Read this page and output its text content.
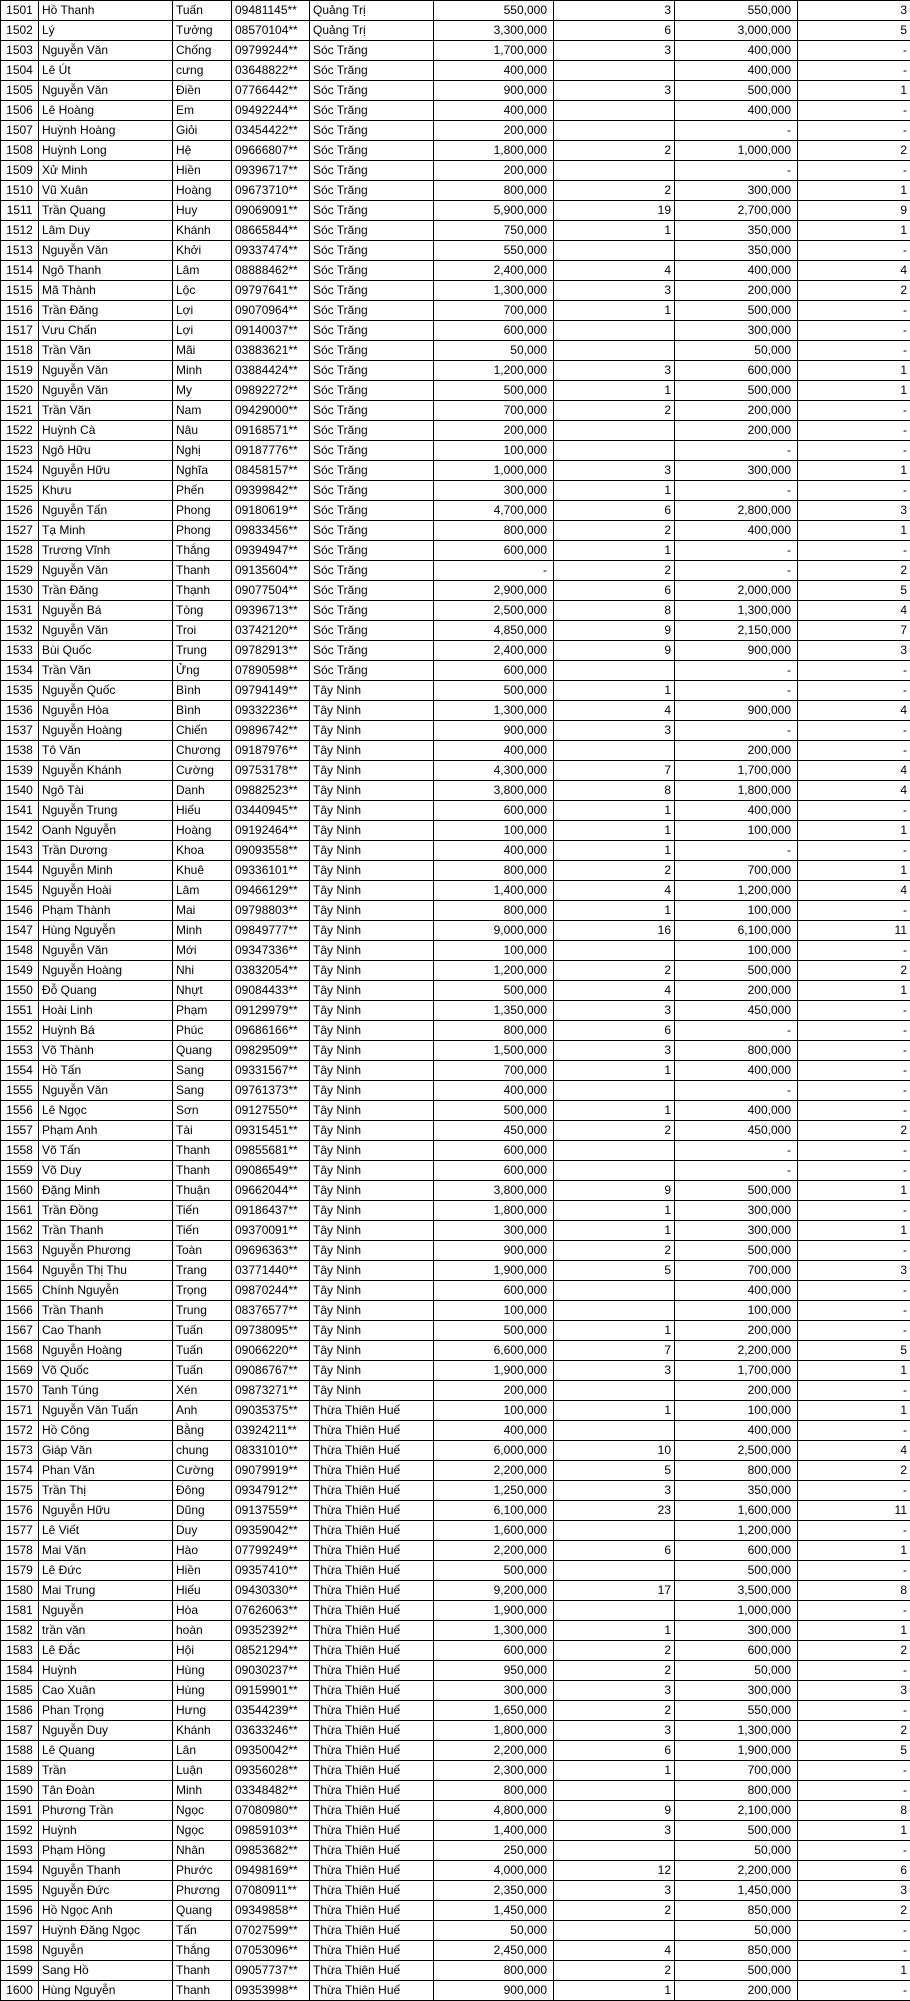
1501	Hồ Thanh	Tuấn	09481145**	Quảng Trị	550,000	3	550,000	3
1502	Lý	Tưởng	08570104**	Quảng Trị	3,300,000	6	3,000,000	5
1503	Nguyễn Văn	Chống	09799244**	Sóc Trăng	1,700,000	3	400,000	-
1504	Lê Út	cưng	03648822**	Sóc Trăng	400,000		400,000	-
1505	Nguyễn Văn	Điền	07766442**	Sóc Trăng	900,000	3	500,000	1
1506	Lê Hoàng	Em	09492244**	Sóc Trăng	400,000		400,000	-
1507	Huỳnh Hoàng	Giỏi	03454422**	Sóc Trăng	200,000		-	-
1508	Huỳnh Long	Hệ	09666807**	Sóc Trăng	1,800,000	2	1,000,000	2
1509	Xử Minh	Hiền	09396717**	Sóc Trăng	200,000		-	-
1510	Vũ Xuân	Hoàng	09673710**	Sóc Trăng	800,000	2	300,000	1
1511	Trần Quang	Huy	09069091**	Sóc Trăng	5,900,000	19	2,700,000	9
1512	Lâm Duy	Khánh	08665844**	Sóc Trăng	750,000	1	350,000	1
1513	Nguyễn Văn	Khởi	09337474**	Sóc Trăng	550,000		350,000	-
1514	Ngô Thanh	Lâm	08888462**	Sóc Trăng	2,400,000	4	400,000	4
1515	Mã Thành	Lộc	09797641**	Sóc Trăng	1,300,000	3	200,000	2
1516	Trần Đăng	Lợi	09070964**	Sóc Trăng	700,000	1	500,000	-
1517	Vưu Chấn	Lợi	09140037**	Sóc Trăng	600,000		300,000	-
1518	Trần Văn	Mãi	03883621**	Sóc Trăng	50,000		50,000	-
1519	Nguyễn Văn	Minh	03884424**	Sóc Trăng	1,200,000	3	600,000	1
1520	Nguyễn Văn	My	09892272**	Sóc Trăng	500,000	1	500,000	1
1521	Trần Văn	Nam	09429000**	Sóc Trăng	700,000	2	200,000	-
1522	Huỳnh Cà	Nâu	09168571**	Sóc Trăng	200,000		200,000	-
1523	Ngô Hữu	Nghị	09187776**	Sóc Trăng	100,000		-	-
1524	Nguyễn Hữu	Nghĩa	08458157**	Sóc Trăng	1,000,000	3	300,000	1
1525	Khưu	Phến	09399842**	Sóc Trăng	300,000	1	-	-
1526	Nguyễn Tấn	Phong	09180619**	Sóc Trăng	4,700,000	6	2,800,000	3
1527	Tạ Minh	Phong	09833456**	Sóc Trăng	800,000	2	400,000	1
1528	Trương Vĩnh	Thắng	09394947**	Sóc Trăng	600,000	1	-	-
1529	Nguyễn Văn	Thanh	09135604**	Sóc Trăng	-	2	-	2
1530	Trần Đăng	Thạnh	09077504**	Sóc Trăng	2,900,000	6	2,000,000	5
1531	Nguyễn Bá	Tòng	09396713**	Sóc Trăng	2,500,000	8	1,300,000	4
1532	Nguyễn Văn	Troi	03742120**	Sóc Trăng	4,850,000	9	2,150,000	7
1533	Bùi Quốc	Trung	09782913**	Sóc Trăng	2,400,000	9	900,000	3
1534	Trần Văn	Ửng	07890598**	Sóc Trăng	600,000		-	-
1535	Nguyễn Quốc	Bình	09794149**	Tây Ninh	500,000	1	-	-
1536	Nguyễn Hòa	Bình	09332236**	Tây Ninh	1,300,000	4	900,000	4
1537	Nguyễn Hoàng	Chiến	09896742**	Tây Ninh	900,000	3	-	-
1538	Tô Văn	Chương	09187976**	Tây Ninh	400,000		200,000	-
1539	Nguyễn Khánh	Cường	09753178**	Tây Ninh	4,300,000	7	1,700,000	4
1540	Ngô Tài	Danh	09882523**	Tây Ninh	3,800,000	8	1,800,000	4
1541	Nguyễn Trung	Hiếu	03440945**	Tây Ninh	600,000	1	400,000	-
1542	Oanh Nguyễn	Hoàng	09192464**	Tây Ninh	100,000	1	100,000	1
1543	Trần Dương	Khoa	09093558**	Tây Ninh	400,000	1	-	-
1544	Nguyễn Minh	Khuê	09336101**	Tây Ninh	800,000	2	700,000	1
1545	Nguyễn Hoài	Lâm	09466129**	Tây Ninh	1,400,000	4	1,200,000	4
1546	Phạm Thành	Mai	09798803**	Tây Ninh	800,000	1	100,000	-
1547	Hùng Nguyễn	Minh	09849777**	Tây Ninh	9,000,000	16	6,100,000	11
1548	Nguyễn Văn	Mới	09347336**	Tây Ninh	100,000		100,000	-
1549	Nguyễn Hoàng	Nhi	03832054**	Tây Ninh	1,200,000	2	500,000	2
1550	Đỗ Quang	Nhựt	09084433**	Tây Ninh	500,000	4	200,000	1
1551	Hoài Linh	Phạm	09129979**	Tây Ninh	1,350,000	3	450,000	-
1552	Huỳnh Bá	Phúc	09686166**	Tây Ninh	800,000	6	-	-
1553	Võ Thành	Quang	09829509**	Tây Ninh	1,500,000	3	800,000	-
1554	Hồ Tấn	Sang	09331567**	Tây Ninh	700,000	1	400,000	-
1555	Nguyễn Văn	Sang	09761373**	Tây Ninh	400,000		-	-
1556	Lê Ngọc	Sơn	09127550**	Tây Ninh	500,000	1	400,000	-
1557	Phạm Anh	Tài	09315451**	Tây Ninh	450,000	2	450,000	2
1558	Võ Tấn	Thanh	09855681**	Tây Ninh	600,000		-	-
1559	Võ Duy	Thanh	09086549**	Tây Ninh	600,000		-	-
1560	Đặng Minh	Thuận	09662044**	Tây Ninh	3,800,000	9	500,000	1
1561	Trần Đồng	Tiến	09186437**	Tây Ninh	1,800,000	1	300,000	-
1562	Trần Thanh	Tiến	09370091**	Tây Ninh	300,000	1	300,000	1
1563	Nguyễn Phương	Toàn	09696363**	Tây Ninh	900,000	2	500,000	-
1564	Nguyễn Thị Thu	Trang	03771440**	Tây Ninh	1,900,000	5	700,000	3
1565	Chính Nguyễn	Trọng	09870244**	Tây Ninh	600,000		400,000	-
1566	Trần Thanh	Trung	08376577**	Tây Ninh	100,000		100,000	-
1567	Cao Thanh	Tuấn	09738095**	Tây Ninh	500,000	1	200,000	-
1568	Nguyễn Hoàng	Tuấn	09066220**	Tây Ninh	6,600,000	7	2,200,000	5
1569	Võ Quốc	Tuấn	09086767**	Tây Ninh	1,900,000	3	1,700,000	1
1570	Tanh Túng	Xén	09873271**	Tây Ninh	200,000		200,000	-
1571	Nguyễn Văn Tuấn	Anh	09035375**	Thừa Thiên Huế	100,000	1	100,000	1
1572	Hồ Công	Bằng	03924211**	Thừa Thiên Huế	400,000		400,000	-
1573	Giáp Văn	chung	08331010**	Thừa Thiên Huế	6,000,000	10	2,500,000	4
1574	Phan Văn	Cường	09079919**	Thừa Thiên Huế	2,200,000	5	800,000	2
1575	Trần Thị	Đông	09347912**	Thừa Thiên Huế	1,250,000	3	350,000	-
1576	Nguyễn Hữu	Dũng	09137559**	Thừa Thiên Huế	6,100,000	23	1,600,000	11
1577	Lê Viết	Duy	09359042**	Thừa Thiên Huế	1,600,000		1,200,000	-
1578	Mai Văn	Hào	07799249**	Thừa Thiên Huế	2,200,000	6	600,000	1
1579	Lê Đức	Hiền	09357410**	Thừa Thiên Huế	500,000		500,000	-
1580	Mai Trung	Hiếu	09430330**	Thừa Thiên Huế	9,200,000	17	3,500,000	8
1581	Nguyễn	Hòa	07626063**	Thừa Thiên Huế	1,900,000		1,000,000	-
1582	trần văn	hoàn	09352392**	Thừa Thiên Huế	1,300,000	1	300,000	1
1583	Lê Đắc	Hội	08521294**	Thừa Thiên Huế	600,000	2	600,000	2
1584	Huỳnh	Hùng	09030237**	Thừa Thiên Huế	950,000	2	50,000	-
1585	Cao Xuân	Hùng	09159901**	Thừa Thiên Huế	300,000	3	300,000	3
1586	Phan Trọng	Hưng	03544239**	Thừa Thiên Huế	1,650,000	2	550,000	-
1587	Nguyễn Duy	Khánh	03633246**	Thừa Thiên Huế	1,800,000	3	1,300,000	2
1588	Lê Quang	Lân	09350042**	Thừa Thiên Huế	2,200,000	6	1,900,000	5
1589	Trần	Luận	09356028**	Thừa Thiên Huế	2,300,000	1	700,000	-
1590	Tân Đoàn	Minh	03348482**	Thừa Thiên Huế	800,000		800,000	-
1591	Phương Trần	Ngọc	07080980**	Thừa Thiên Huế	4,800,000	9	2,100,000	8
1592	Huỳnh	Ngọc	09859103**	Thừa Thiên Huế	1,400,000	3	500,000	1
1593	Phạm Hồng	Nhân	09853682**	Thừa Thiên Huế	250,000		50,000	-
1594	Nguyễn Thanh	Phước	09498169**	Thừa Thiên Huế	4,000,000	12	2,200,000	6
1595	Nguyễn Đức	Phương	07080911**	Thừa Thiên Huế	2,350,000	3	1,450,000	3
1596	Hồ Ngọc Anh	Quang	09349858**	Thừa Thiên Huế	1,450,000	2	850,000	2
1597	Huỳnh Đăng Ngọc	Tấn	07027599**	Thừa Thiên Huế	50,000		50,000	-
1598	Nguyễn	Thắng	07053096**	Thừa Thiên Huế	2,450,000	4	850,000	-
1599	Sang Hồ	Thanh	09057737**	Thừa Thiên Huế	800,000	2	500,000	1
1600	Hùng Nguyễn	Thanh	09353998**	Thừa Thiên Huế	900,000	1	200,000	-
